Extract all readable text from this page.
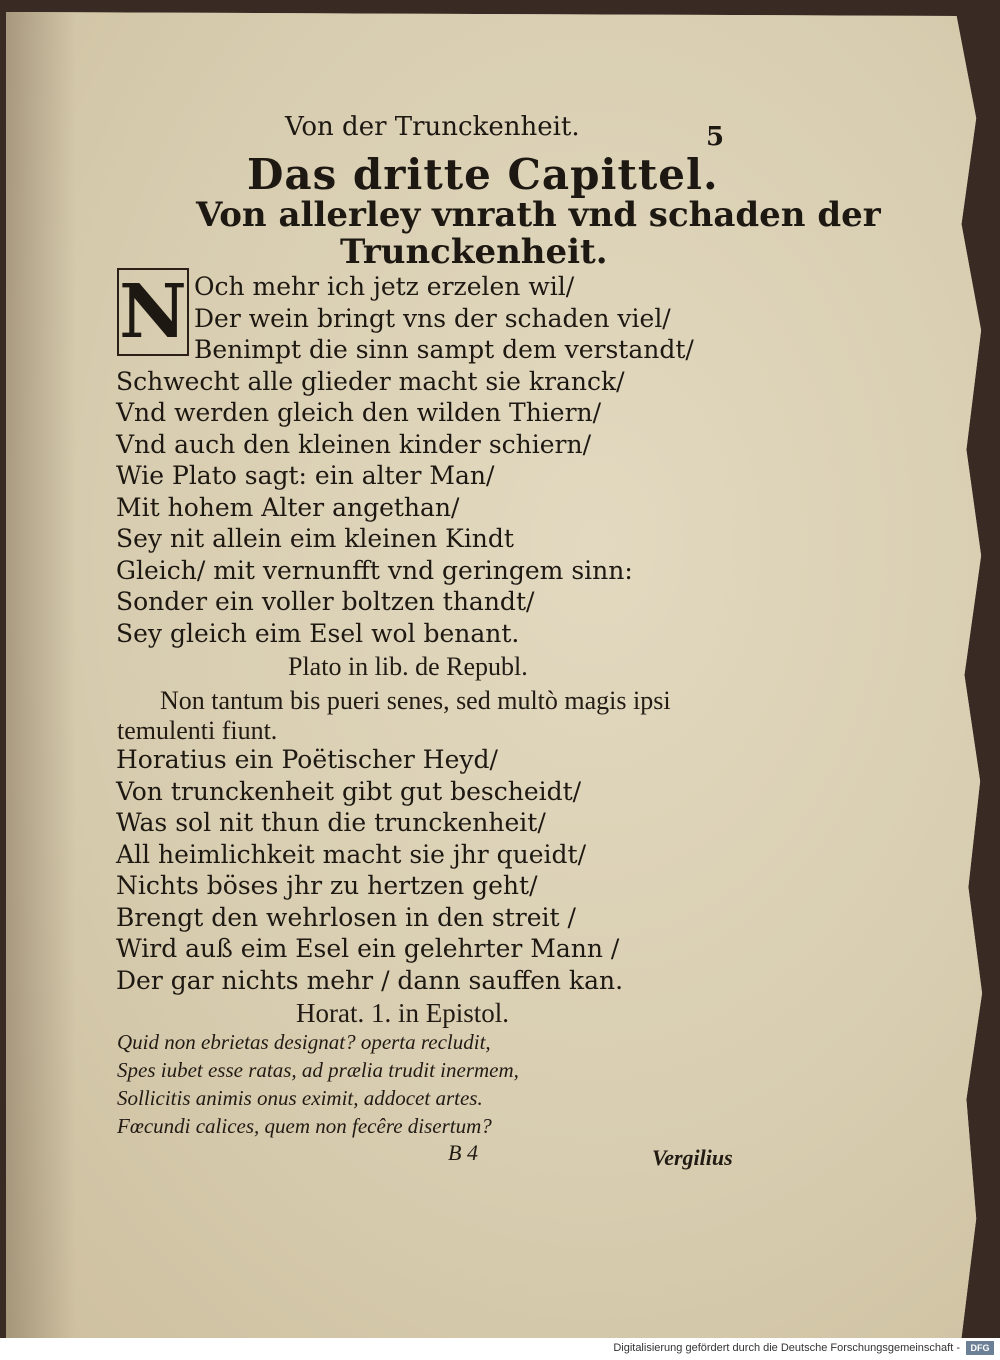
Von der Trunckenheit.	5
Das dritte Capittel.
Von allerley vnrath vnd schaden der
Trunckenheit.
Och mehr ich jetz erzelen wil/
Der wein bringt vns der schaden viel/
Benimpt die sinn sampt dem verstandt/
Schwecht alle glieder macht sie kranck/
Vnd werden gleich den wilden Thiern/
Vnd auch den kleinen kinder schiern/
Wie Plato sagt: ein alter Man/
Mit hohem Alter angethan/
Sey nit allein eim kleinen Kindt
Gleich/ mit vernunfft vnd geringem sinn:
Sonder ein voller boltzen thandt/
Sey gleich eim Esel wol benant.
N
Plato in lib. de Republ.
Non tantum bis pueri senes, sed multò magis ipsi
temulenti fiunt.
Horatius ein Poëtischer Heyd/
Von trunckenheit gibt gut bescheidt/
Was sol nit thun die trunckenheit/
All heimlichkeit macht sie jhr queidt/
Nichts böses jhr zu hertzen geht/
Brengt den wehrlosen in den streit /
Wird auß eim Esel ein gelehrter Mann /
Der gar nichts mehr / dann sauffen kan.
Horat. 1. in Epistol.
Quid non ebrietas designat? operta recludit,
Spes iubet esse ratas, ad prælia trudit inermem,
Sollicitis animis onus eximit, addocet artes.
Fœcundi calices, quem non fecêre disertum?
B 4	Vergilius
Digitalisierung gefördert durch die Deutsche Forschungsgemeinschaft -	DFG
